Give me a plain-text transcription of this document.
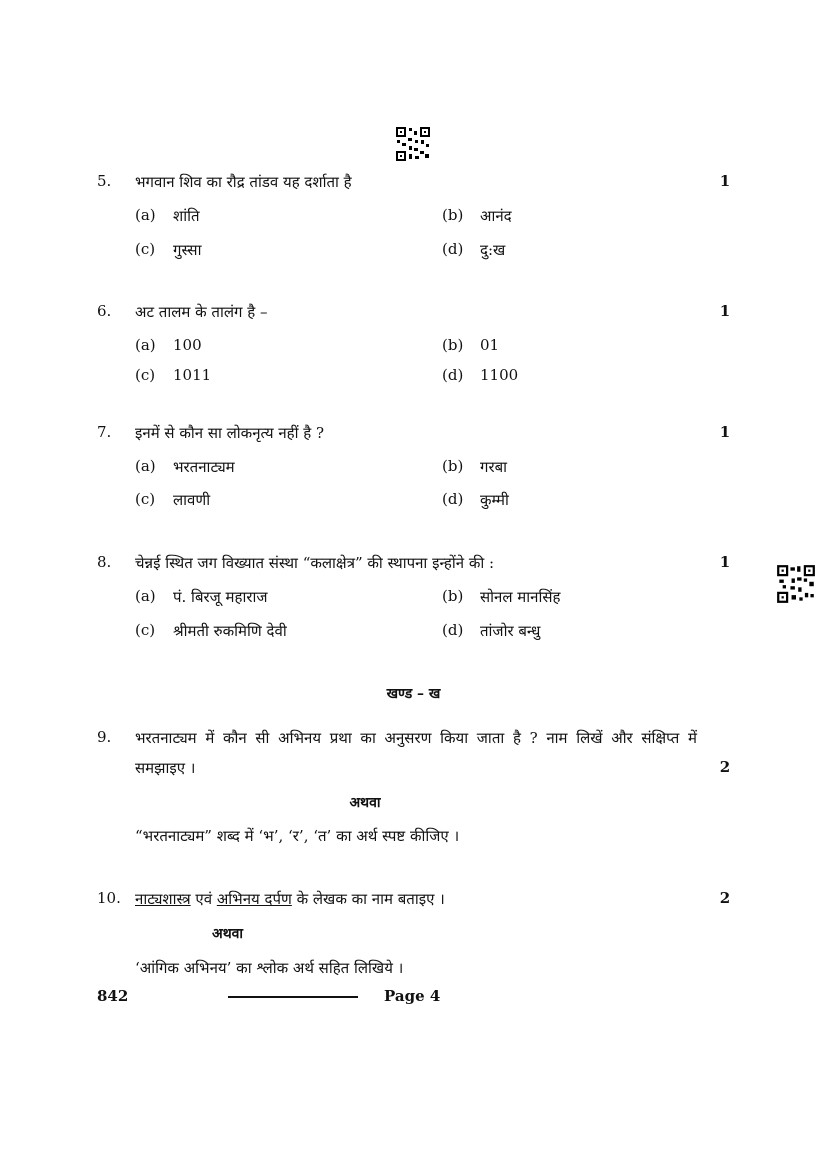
5. भगवान शिव का रौद्र तांडव यह दर्शाता है	1
(a) शांति	(b) आनंद
(c) गुस्सा	(d) दु:ख
6. अट तालम के तालंग है –	1
(a) 100	(b) 01
(c) 1011	(d) 1100
7. इनमें से कौन सा लोकनृत्य नहीं है ?	1
(a) भरतनाट्यम	(b) गरबा
(c) लावणी	(d) कुम्मी
8. चेन्नई स्थित जग विख्यात संस्था “कलाक्षेत्र” की स्थापना इन्होंने की :	1
(a) पं. बिरजू महाराज	(b) सोनल मानसिंह
(c) श्रीमती रुकमिणि देवी	(d) तांजोर बन्धु
खण्ड – ख
9. भरतनाट्यम में कौन सी अभिनय प्रथा का अनुसरण किया जाता है ? नाम लिखें और संक्षिप्त में
समझाइए ।	2
अथवा
“भरतनाट्यम” शब्द में ‘भ’, ‘र’, ‘त’ का अर्थ स्पष्ट कीजिए ।
10. नाट्यशास्त्र एवं अभिनय दर्पण के लेखक का नाम बताइए ।	2
अथवा
‘आंगिक अभिनय’ का श्लोक अर्थ सहित लिखिये ।
842	Page 4
